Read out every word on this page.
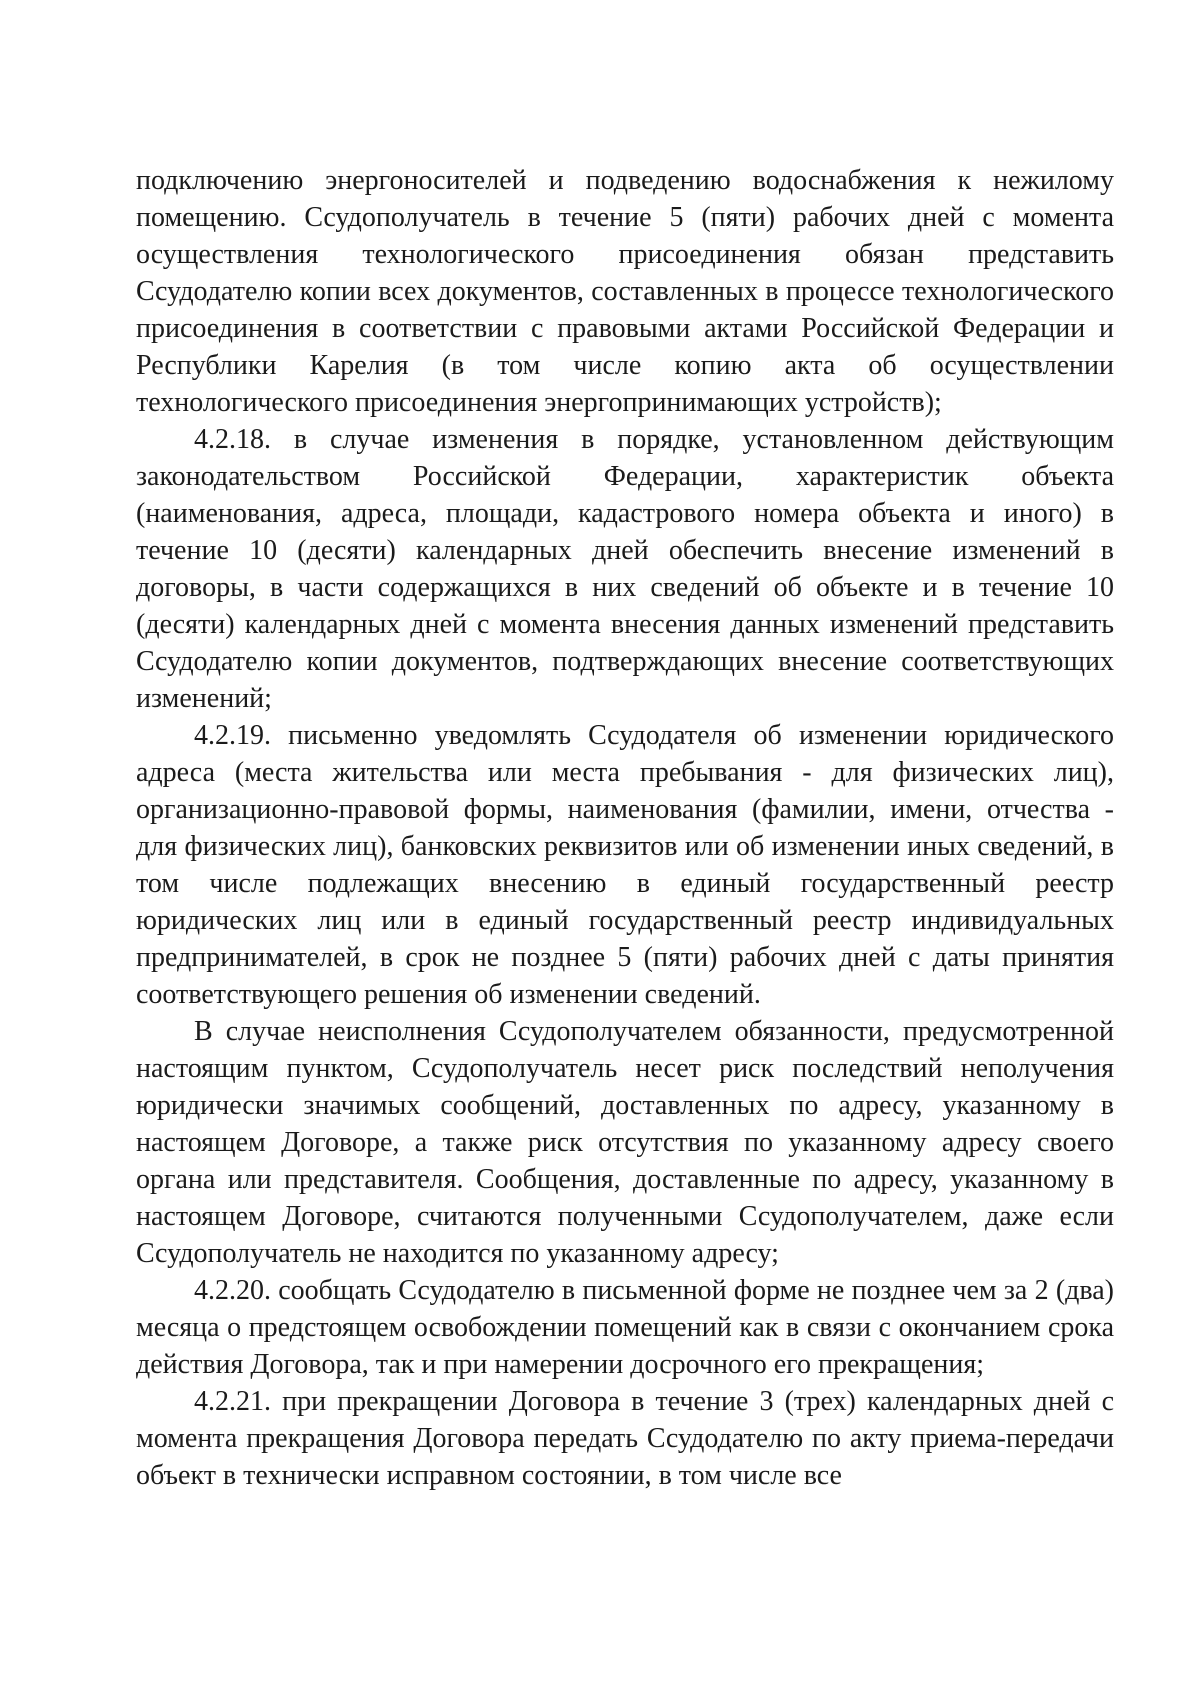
подключению энергоносителей и подведению водоснабжения к нежилому помещению. Ссудополучатель в течение 5 (пяти) рабочих дней с момента осуществления технологического присоединения обязан представить Ссудодателю копии всех документов, составленных в процессе технологического присоединения в соответствии с правовыми актами Российской Федерации и Республики Карелия (в том числе копию акта об осуществлении технологического присоединения энергопринимающих устройств);

4.2.18. в случае изменения в порядке, установленном действующим законодательством Российской Федерации, характеристик объекта (наименования, адреса, площади, кадастрового номера объекта и иного) в течение 10 (десяти) календарных дней обеспечить внесение изменений в договоры, в части содержащихся в них сведений об объекте и в течение 10 (десяти) календарных дней с момента внесения данных изменений представить Ссудодателю копии документов, подтверждающих внесение соответствующих изменений;

4.2.19. письменно уведомлять Ссудодателя об изменении юридического адреса (места жительства или места пребывания - для физических лиц), организационно-правовой формы, наименования (фамилии, имени, отчества - для физических лиц), банковских реквизитов или об изменении иных сведений, в том числе подлежащих внесению в единый государственный реестр юридических лиц или в единый государственный реестр индивидуальных предпринимателей, в срок не позднее 5 (пяти) рабочих дней с даты принятия соответствующего решения об изменении сведений.

В случае неисполнения Ссудополучателем обязанности, предусмотренной настоящим пунктом, Ссудополучатель несет риск последствий неполучения юридически значимых сообщений, доставленных по адресу, указанному в настоящем Договоре, а также риск отсутствия по указанному адресу своего органа или представителя. Сообщения, доставленные по адресу, указанному в настоящем Договоре, считаются полученными Ссудополучателем, даже если Ссудополучатель не находится по указанному адресу;

4.2.20. сообщать Ссудодателю в письменной форме не позднее чем за 2 (два) месяца о предстоящем освобождении помещений как в связи с окончанием срока действия Договора, так и при намерении досрочного его прекращения;

4.2.21. при прекращении Договора в течение 3 (трех) календарных дней с момента прекращения Договора передать Ссудодателю по акту приема-передачи объект в технически исправном состоянии, в том числе все
